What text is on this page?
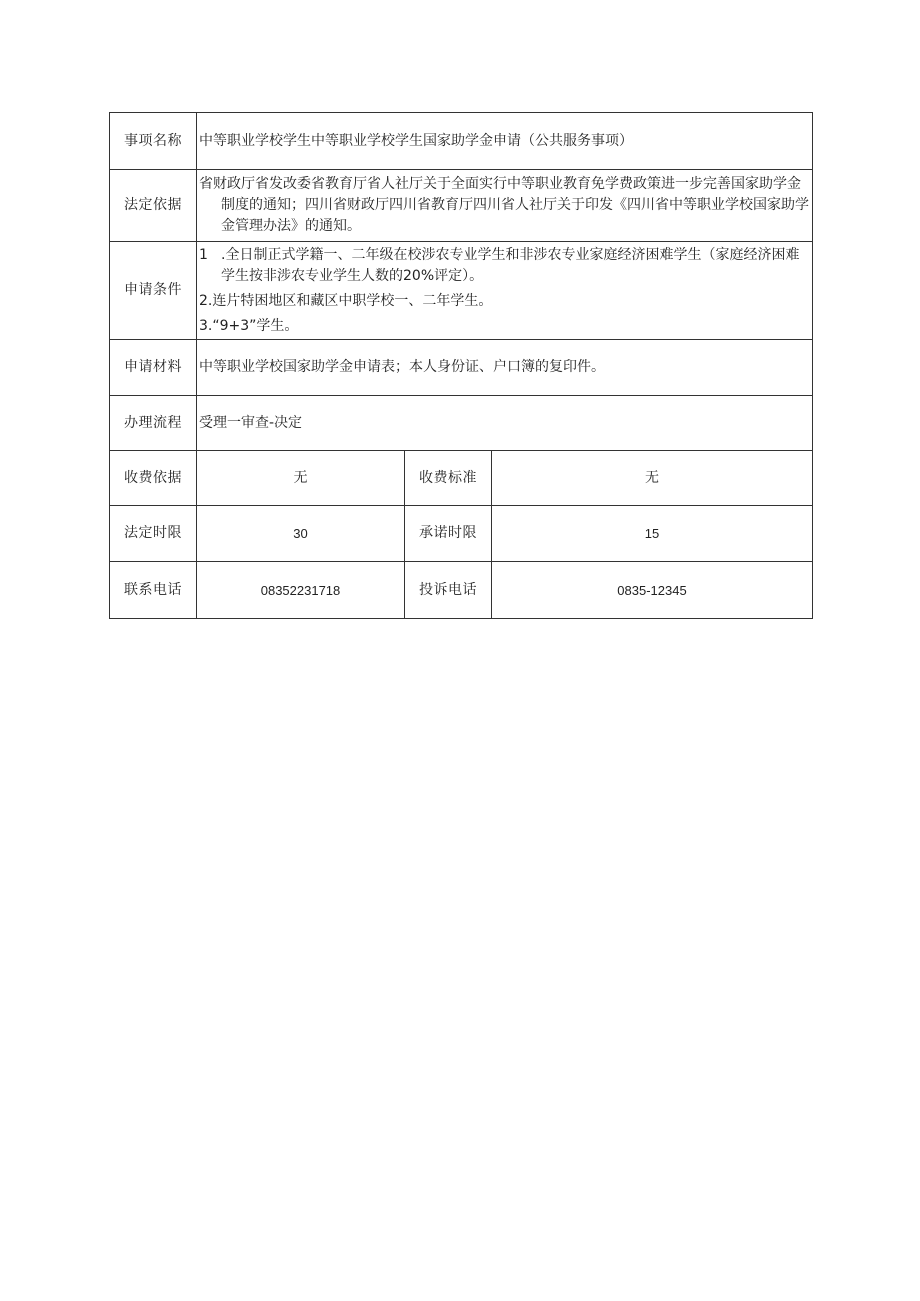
事项名称	中等职业学校学生中等职业学校学生国家助学金申请（公共服务事项）		
法定依据	省财政厅省发改委省教育厅省人社厅关于全面实行中等职业教育免学费政策进一步完善国家助学金制度的通知；四川省财政厅四川省教育厅四川省人社厅关于印发《四川省中等职业学校国家助学金管理办法》的通知。		

申请条件	1 .全日制正式学籍一、二年级在校涉农专业学生和非涉农专业家庭经济困难学生（家庭经济困难学生按非涉农专业学生人数的20%评定）。
2.连片特困地区和藏区中职学校一、二年学生。
3.“9+3”学生。		

申请材料	中等职业学校国家助学金申请表；本人身份证、户口簿的复印件。		
办理流程	受理一审查-决定		
收费依据	无	收费标准	无
法定时限	30	承诺时限	15
联系电话	08352231718	投诉电话	0835-12345
